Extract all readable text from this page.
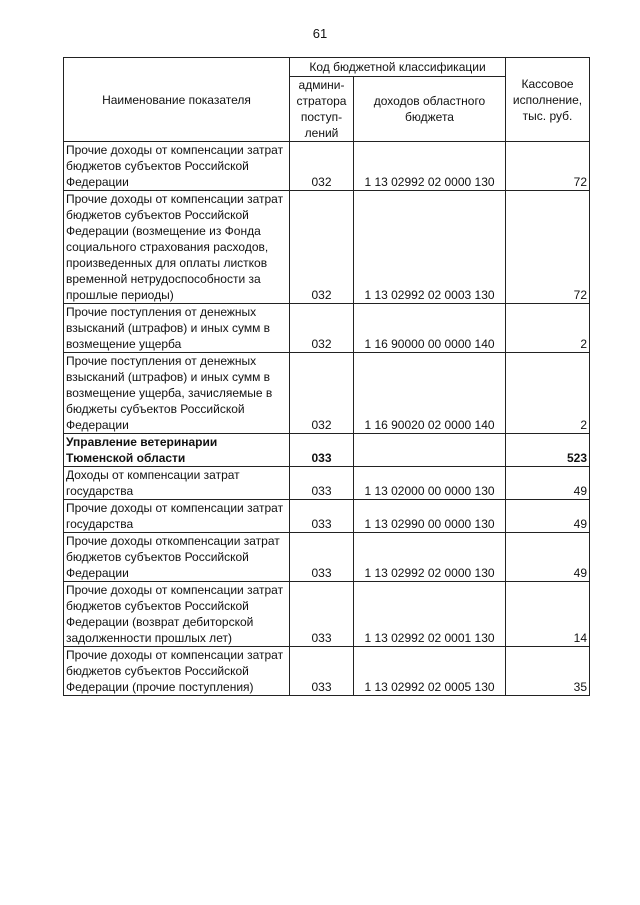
61
Наименование показателя	Код бюджетной классификации		Кассовое исполнение, тыс. руб.
	админи-стратора поступ-лений	доходов областного бюджета	
Прочие доходы от компенсации затрат бюджетов субъектов Российской Федерации	032	1 13 02992 02 0000 130	72
Прочие доходы от компенсации затрат бюджетов субъектов Российской Федерации (возмещение из Фонда социального страхования расходов, произведенных для оплаты листков временной нетрудоспособности за прошлые периоды)	032	1 13 02992 02 0003 130	72
Прочие поступления от денежных взысканий (штрафов) и иных сумм в возмещение ущерба	032	1 16 90000 00 0000 140	2
Прочие поступления от денежных взысканий (штрафов) и иных сумм в возмещение ущерба, зачисляемые в бюджеты субъектов Российской Федерации	032	1 16 90020 02 0000 140	2
Управление ветеринарии Тюменской области	033		523
Доходы от компенсации затрат государства	033	1 13 02000 00 0000 130	49
Прочие доходы от компенсации затрат государства	033	1 13 02990 00 0000 130	49
Прочие доходы откомпенсации затрат бюджетов субъектов Российской Федерации	033	1 13 02992 02 0000 130	49
Прочие доходы от компенсации затрат бюджетов субъектов Российской Федерации (возврат дебиторской задолженности прошлых лет)	033	1 13 02992 02 0001 130	14
Прочие доходы от компенсации затрат бюджетов субъектов Российской Федерации (прочие поступления)	033	1 13 02992 02 0005 130	35
